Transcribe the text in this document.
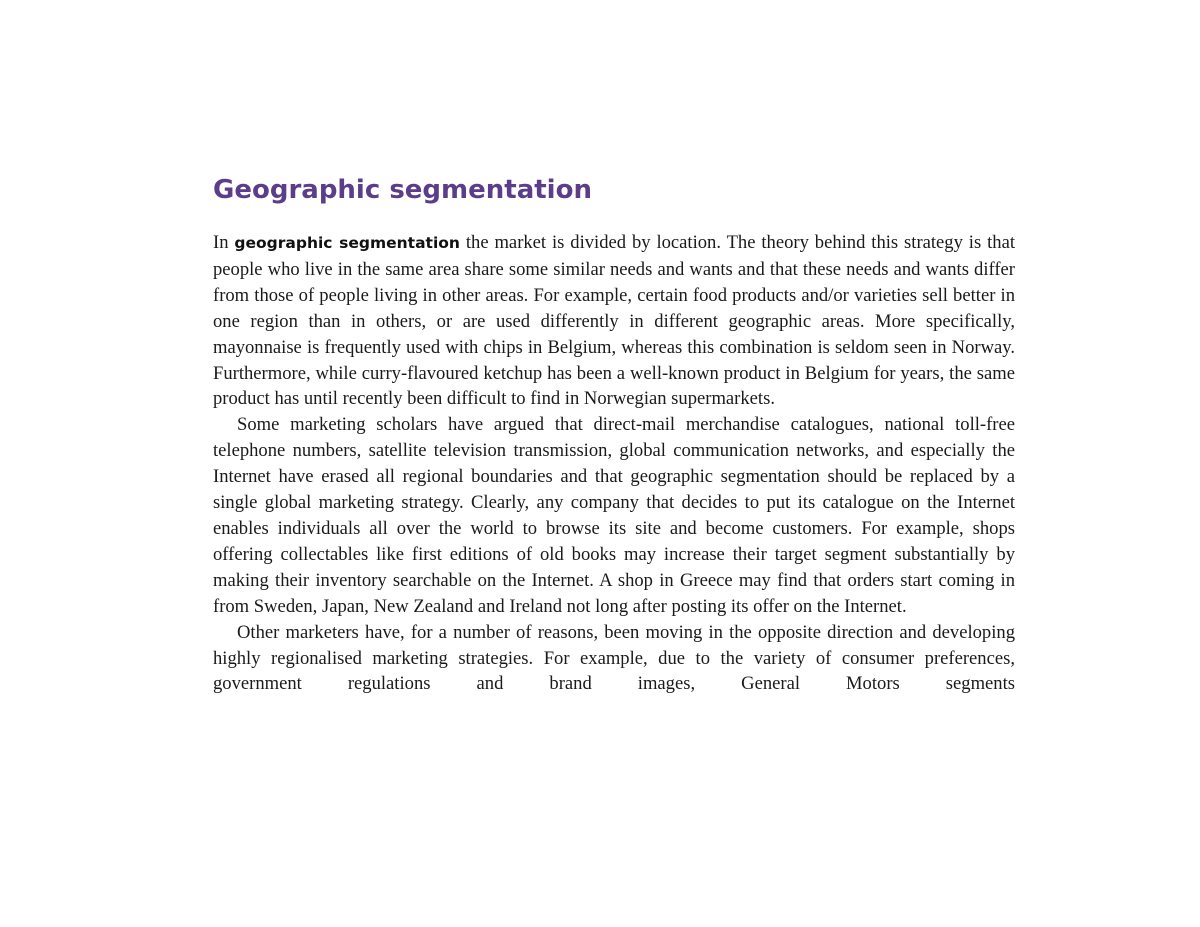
Geographic segmentation

In geographic segmentation the market is divided by location. The theory behind this strategy is that people who live in the same area share some similar needs and wants and that these needs and wants differ from those of people living in other areas. For example, certain food products and/or varieties sell better in one region than in others, or are used differently in different geographic areas. More specifically, mayonnaise is frequently used with chips in Belgium, whereas this combination is seldom seen in Norway. Furthermore, while curry-flavoured ketchup has been a well-known product in Belgium for years, the same product has until recently been difficult to find in Norwegian supermarkets.

Some marketing scholars have argued that direct-mail merchandise catalogues, national toll-free telephone numbers, satellite television transmission, global communication networks, and especially the Internet have erased all regional boundaries and that geographic segmentation should be replaced by a single global marketing strategy. Clearly, any company that decides to put its catalogue on the Internet enables individuals all over the world to browse its site and become customers. For example, shops offering collectables like first editions of old books may increase their target segment substantially by making their inventory searchable on the Internet. A shop in Greece may find that orders start coming in from Sweden, Japan, New Zealand and Ireland not long after posting its offer on the Internet.

Other marketers have, for a number of reasons, been moving in the opposite direction and developing highly regionalised marketing strategies. For example, due to the variety of consumer preferences, government regulations and brand images, General Motors segments
